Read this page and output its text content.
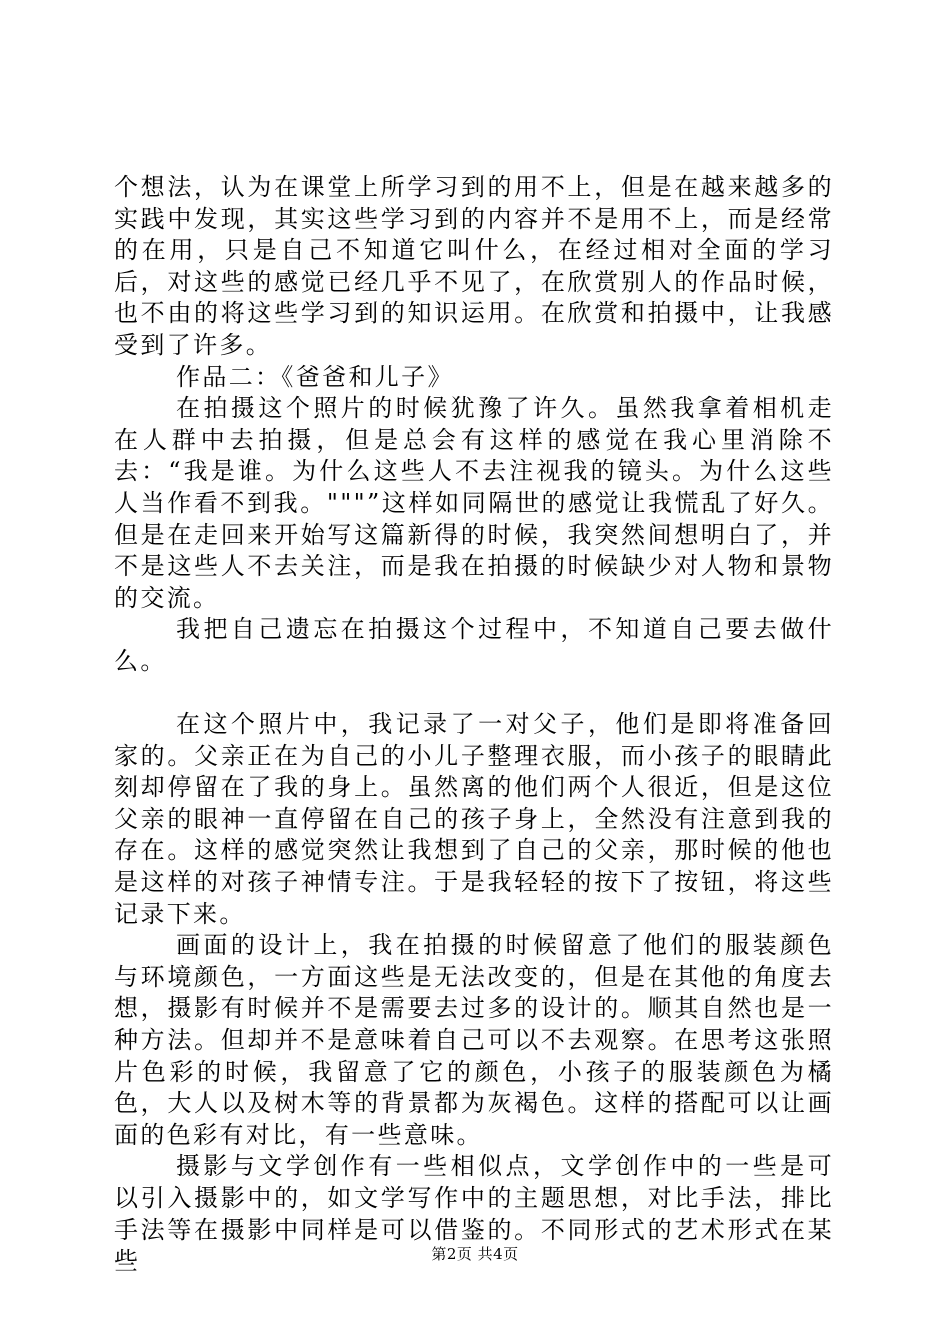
个想法，认为在课堂上所学习到的用不上，但是在越来越多的实践中发现，其实这些学习到的内容并不是用不上，而是经常的在用，只是自己不知道它叫什么，在经过相对全面的学习后，对这些的感觉已经几乎不见了，在欣赏别人的作品时候，也不由的将这些学习到的知识运用。在欣赏和拍摄中，让我感受到了许多。

作品二：《爸爸和儿子》

在拍摄这个照片的时候犹豫了许久。虽然我拿着相机走在人群中去拍摄，但是总会有这样的感觉在我心里消除不去：“我是谁。为什么这些人不去注视我的镜头。为什么这些人当作看不到我。"""”这样如同隔世的感觉让我慌乱了好久。但是在走回来开始写这篇新得的时候，我突然间想明白了，并不是这些人不去关注，而是我在拍摄的时候缺少对人物和景物的交流。

我把自己遗忘在拍摄这个过程中，不知道自己要去做什么。

在这个照片中，我记录了一对父子，他们是即将准备回家的。父亲正在为自己的小儿子整理衣服，而小孩子的眼睛此刻却停留在了我的身上。虽然离的他们两个人很近，但是这位父亲的眼神一直停留在自己的孩子身上，全然没有注意到我的存在。这样的感觉突然让我想到了自己的父亲，那时候的他也是这样的对孩子神情专注。于是我轻轻的按下了按钮，将这些记录下来。

画面的设计上，我在拍摄的时候留意了他们的服装颜色与环境颜色，一方面这些是无法改变的，但是在其他的角度去想，摄影有时候并不是需要去过多的设计的。顺其自然也是一种方法。但却并不是意味着自己可以不去观察。在思考这张照片色彩的时候，我留意了它的颜色，小孩子的服装颜色为橘色，大人以及树木等的背景都为灰褐色。这样的搭配可以让画面的色彩有对比，有一些意味。

摄影与文学创作有一些相似点，文学创作中的一些是可以引入摄影中的，如文学写作中的主题思想，对比手法，排比手法等在摄影中同样是可以借鉴的。不同形式的艺术形式在某些	第2页 共4页
